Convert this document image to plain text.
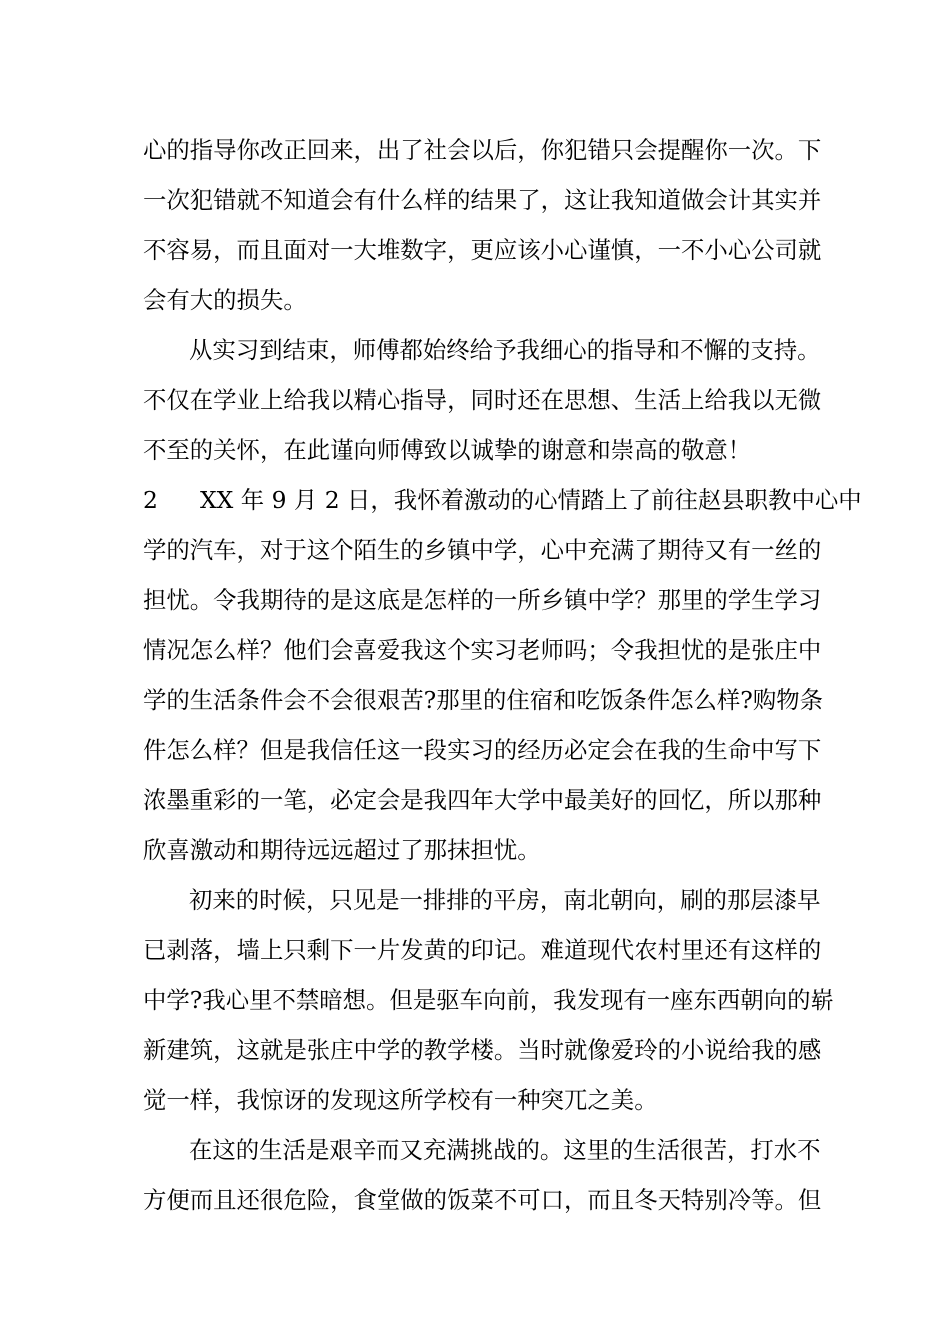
心的指导你改正回来，出了社会以后，你犯错只会提醒你一次。下
一次犯错就不知道会有什么样的结果了，这让我知道做会计其实并
不容易，而且面对一大堆数字，更应该小心谨慎，一不小心公司就
会有大的损失。
从实习到结束，师傅都始终给予我细心的指导和不懈的支持。
不仅在学业上给我以精心指导，同时还在思想、生活上给我以无微
不至的关怀，在此谨向师傅致以诚挚的谢意和崇高的敬意！
2	XX 年 9 月 2 日，我怀着激动的心情踏上了前往赵县职教中心中
学的汽车，对于这个陌生的乡镇中学，心中充满了期待又有一丝的
担忧。令我期待的是这底是怎样的一所乡镇中学？那里的学生学习
情况怎么样？他们会喜爱我这个实习老师吗；令我担忧的是张庄中
学的生活条件会不会很艰苦?那里的住宿和吃饭条件怎么样?购物条
件怎么样？但是我信任这一段实习的经历必定会在我的生命中写下
浓墨重彩的一笔，必定会是我四年大学中最美好的回忆，所以那种
欣喜激动和期待远远超过了那抹担忧。
初来的时候，只见是一排排的平房，南北朝向，刷的那层漆早
已剥落，墙上只剩下一片发黄的印记。难道现代农村里还有这样的
中学?我心里不禁暗想。但是驱车向前，我发现有一座东西朝向的崭
新建筑，这就是张庄中学的教学楼。当时就像爱玲的小说给我的感
觉一样，我惊讶的发现这所学校有一种突兀之美。
在这的生活是艰辛而又充满挑战的。这里的生活很苦，打水不
方便而且还很危险，食堂做的饭菜不可口，而且冬天特别冷等。但
